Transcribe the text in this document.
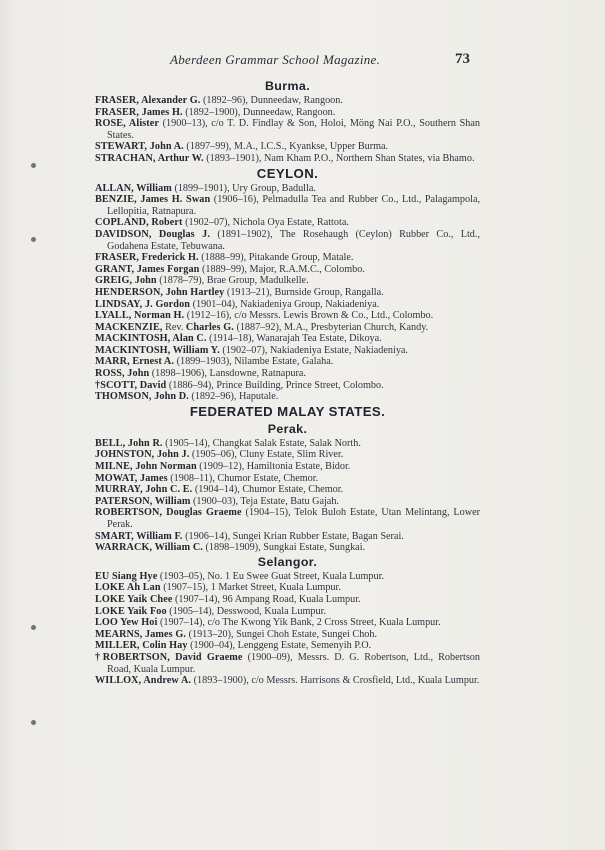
Aberdeen Grammar School Magazine.	73
Burma.

FRASER, Alexander G. (1892–96), Dunneedaw, Rangoon.

FRASER, James H. (1892–1900), Dunneedaw, Rangoon.

ROSE, Alister (1900–13), c/o T. D. Findlay & Son, Holoi, Möng Nai P.O., Southern Shan States.

STEWART, John A. (1897–99), M.A., I.C.S., Kyankse, Upper Burma.

STRACHAN, Arthur W. (1893–1901), Nam Kham P.O., Northern Shan States, via Bhamo.

CEYLON.

ALLAN, William (1899–1901), Ury Group, Badulla.

BENZIE, James H. Swan (1906–16), Pelmadulla Tea and Rubber Co., Ltd., Palagampola, Lellopitia, Ratnapura.

COPLAND, Robert (1902–07), Nichola Oya Estate, Rattota.

DAVIDSON, Douglas J. (1891–1902), The Rosehaugh (Ceylon) Rubber Co., Ltd., Godahena Estate, Tebuwana.

FRASER, Frederick H. (1888–99), Pitakande Group, Matale.

GRANT, James Forgan (1889–99), Major, R.A.M.C., Colombo.

GREIG, John (1878–79), Brae Group, Madulkelle.

HENDERSON, John Hartley (1913–21), Burnside Group, Rangalla.

LINDSAY, J. Gordon (1901–04), Nakiadeniya Group, Nakiadeniya.

LYALL, Norman H. (1912–16), c/o Messrs. Lewis Brown & Co., Ltd., Colombo.

MACKENZIE, Rev. Charles G. (1887–92), M.A., Presbyterian Church, Kandy.

MACKINTOSH, Alan C. (1914–18), Wanarajah Tea Estate, Dikoya.

MACKINTOSH, William Y. (1902–07), Nakiadeniya Estate, Nakiadeniya.

MARR, Ernest A. (1899–1903), Nilambe Estate, Galaha.

ROSS, John (1898–1906), Lansdowne, Ratnapura.

†SCOTT, David (1886–94), Prince Building, Prince Street, Colombo.

THOMSON, John D. (1892–96), Haputale.

FEDERATED MALAY STATES.
Perak.

BELL, John R. (1905–14), Changkat Salak Estate, Salak North.

JOHNSTON, John J. (1905–06), Cluny Estate, Slim River.

MILNE, John Norman (1909–12), Hamiltonia Estate, Bidor.

MOWAT, James (1908–11), Chumor Estate, Chemor.

MURRAY, John C. E. (1904–14), Chumor Estate, Chemor.

PATERSON, William (1900–03), Teja Estate, Batu Gajah.

ROBERTSON, Douglas Graeme (1904–15), Telok Buloh Estate, Utan Melintang, Lower Perak.

SMART, William F. (1906–14), Sungei Krian Rubber Estate, Bagan Serai.

WARRACK, William C. (1898–1909), Sungkai Estate, Sungkai.

Selangor.

EU Siang Hye (1903–05), No. 1 Eu Swee Guat Street, Kuala Lumpur.

LOKE Ah Lan (1907–15), 1 Market Street, Kuala Lumpur.

LOKE Yaik Chee (1907–14), 96 Ampang Road, Kuala Lumpur.

LOKE Yaik Foo (1905–14), Desswood, Kuala Lumpur.

LOO Yew Hoi (1907–14), c/o The Kwong Yik Bank, 2 Cross Street, Kuala Lumpur.

MEARNS, James G. (1913–20), Sungei Choh Estate, Sungei Choh.

MILLER, Colin Hay (1900–04), Lenggeng Estate, Semenyih P.O.

†ROBERTSON, David Graeme (1900–09), Messrs. D. G. Robertson, Ltd., Robertson Road, Kuala Lumpur.

WILLOX, Andrew A. (1893–1900), c/o Messrs. Harrisons & Crosfield, Ltd., Kuala Lumpur.
